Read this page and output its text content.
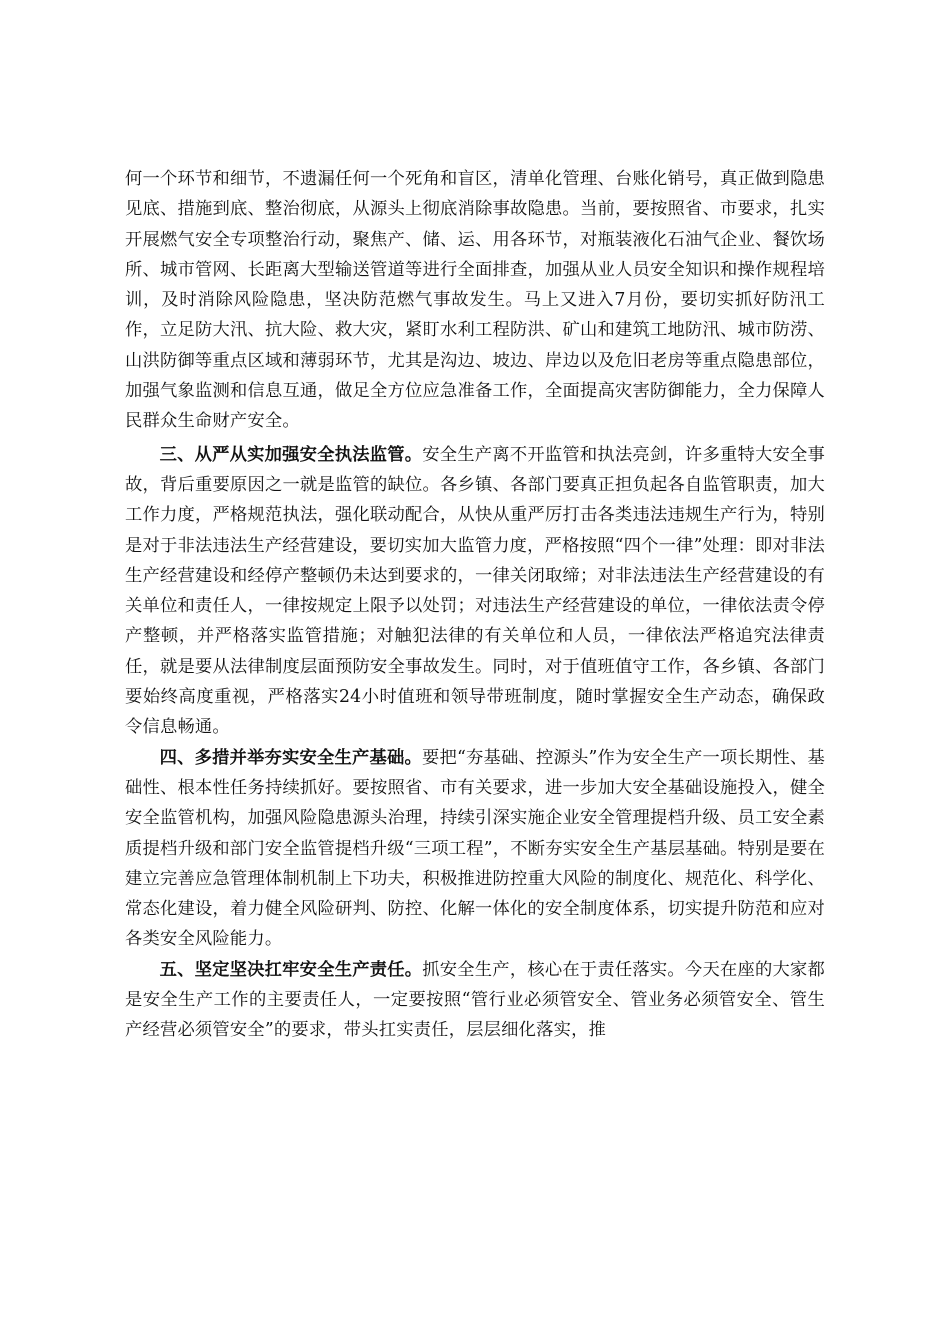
何一个环节和细节，不遗漏任何一个死角和盲区，清单化管理、台账化销号，真正做到隐患见底、措施到底、整治彻底，从源头上彻底消除事故隐患。当前，要按照省、市要求，扎实开展燃气安全专项整治行动，聚焦产、储、运、用各环节，对瓶装液化石油气企业、餐饮场所、城市管网、长距离大型输送管道等进行全面排查，加强从业人员安全知识和操作规程培训，及时消除风险隐患，坚决防范燃气事故发生。马上又进入7月份，要切实抓好防汛工作，立足防大汛、抗大险、救大灾，紧盯水利工程防洪、矿山和建筑工地防汛、城市防涝、山洪防御等重点区域和薄弱环节，尤其是沟边、坡边、岸边以及危旧老房等重点隐患部位，加强气象监测和信息互通，做足全方位应急准备工作，全面提高灾害防御能力，全力保障人民群众生命财产安全。

三、从严从实加强安全执法监管。安全生产离不开监管和执法亮剑，许多重特大安全事故，背后重要原因之一就是监管的缺位。各乡镇、各部门要真正担负起各自监管职责，加大工作力度，严格规范执法，强化联动配合，从快从重严厉打击各类违法违规生产行为，特别是对于非法违法生产经营建设，要切实加大监管力度，严格按照“四个一律”处理：即对非法生产经营建设和经停产整顿仍未达到要求的，一律关闭取缔；对非法违法生产经营建设的有关单位和责任人，一律按规定上限予以处罚；对违法生产经营建设的单位，一律依法责令停产整顿，并严格落实监管措施；对触犯法律的有关单位和人员，一律依法严格追究法律责任，就是要从法律制度层面预防安全事故发生。同时，对于值班值守工作，各乡镇、各部门要始终高度重视，严格落实24小时值班和领导带班制度，随时掌握安全生产动态，确保政令信息畅通。

四、多措并举夯实安全生产基础。要把“夯基础、控源头”作为安全生产一项长期性、基础性、根本性任务持续抓好。要按照省、市有关要求，进一步加大安全基础设施投入，健全安全监管机构，加强风险隐患源头治理，持续引深实施企业安全管理提档升级、员工安全素质提档升级和部门安全监管提档升级“三项工程”，不断夯实安全生产基层基础。特别是要在建立完善应急管理体制机制上下功夫，积极推进防控重大风险的制度化、规范化、科学化、常态化建设，着力健全风险研判、防控、化解一体化的安全制度体系，切实提升防范和应对各类安全风险能力。

五、坚定坚决扛牢安全生产责任。抓安全生产，核心在于责任落实。今天在座的大家都是安全生产工作的主要责任人，一定要按照“管行业必须管安全、管业务必须管安全、管生产经营必须管安全”的要求，带头扛实责任，层层细化落实，推
